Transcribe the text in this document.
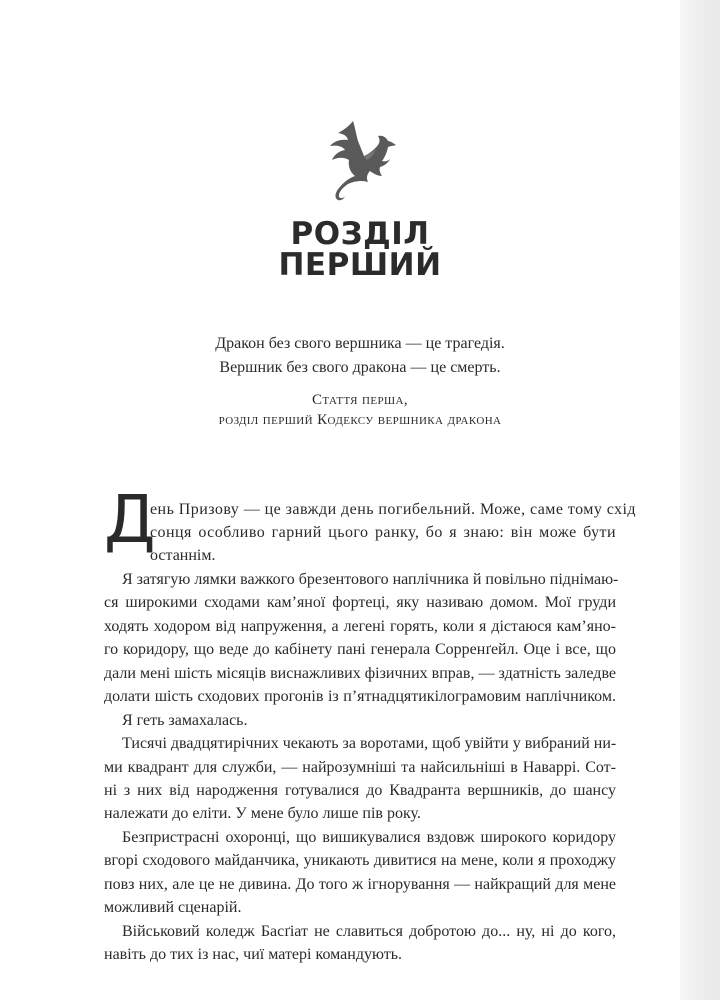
РОЗДІЛ
ПЕРШИЙ
Дракон без свого вершника — це трагедія.
Вершник без свого дракона — це смерть.
Стаття перша,
розділ перший Кодексу вершника дракона
Д
ень Призову — це завжди день погибельний. Може, саме тому схід
сонця особливо гарний цього ранку, бо я знаю: він може бути
останнім.
Я затягую лямки важкого брезентового наплічника й повільно піднімаю-
ся широкими сходами кам’яної фортеці, яку називаю домом. Мої груди
ходять ходором від напруження, а легені горять, коли я дістаюся кам’яно-
го коридору, що веде до кабінету пані генерала Сорренґейл. Оце і все, що
дали мені шість місяців виснажливих фізичних вправ, — здатність заледве
долати шість сходових прогонів із п’ятнадцятикілограмовим наплічником.
Я геть замахалась.
Тисячі двадцятирічних чекають за воротами, щоб увійти у вибраний ни-
ми квадрант для служби, — найрозумніші та найсильніші в Наваррі. Сот-
ні з них від народження готувалися до Квадранта вершників, до шансу
належати до еліти. У мене було лише пів року.
Безпристрасні охоронці, що вишикувалися вздовж широкого коридору
вгорі сходового майданчика, уникають дивитися на мене, коли я проходжу
повз них, але це не дивина. До того ж ігнорування — найкращий для мене
можливий сценарій.
Військовий коледж Басґіат не славиться добротою до... ну, ні до кого,
навіть до тих із нас, чиї матері командують.
